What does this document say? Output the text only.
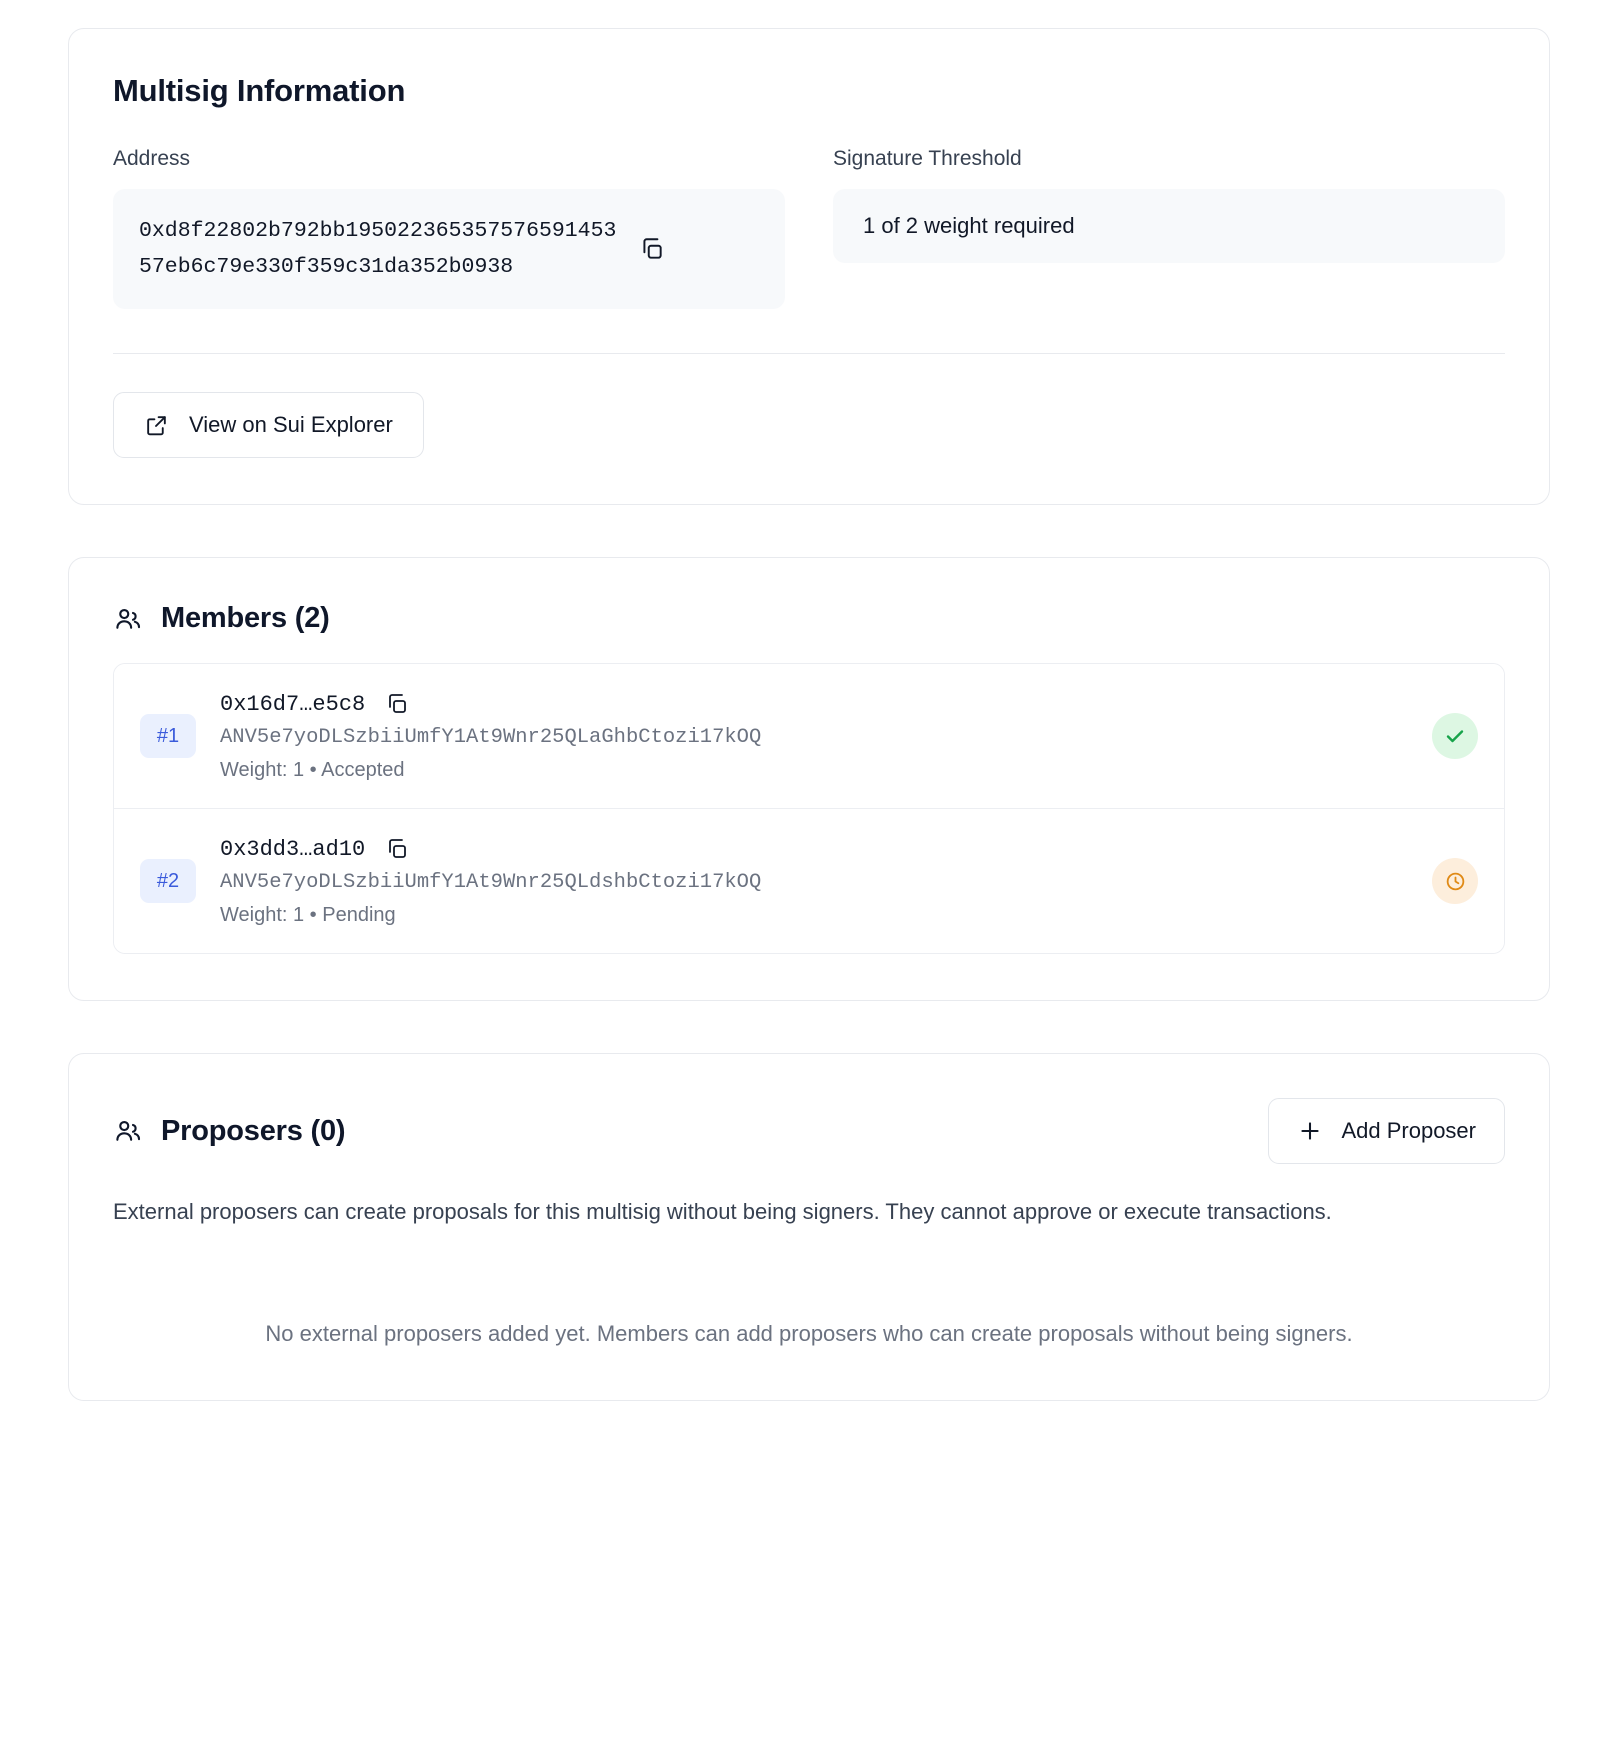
Multisig Information
Address
0xd8f22802b792bb19502236535757659145357eb6c79e330f359c31da352b0938
Signature Threshold
1 of 2 weight required
View on Sui Explorer
Members (2)
#1
0x16d7…e5c8
ANV5e7yoDLSzbiiUmfY1At9Wnr25QLaGhbCtozi17kOQ
Weight: 1 • Accepted
#2
0x3dd3…ad10
ANV5e7yoDLSzbiiUmfY1At9Wnr25QLdshbCtozi17kOQ
Weight: 1 • Pending
Proposers (0)	Add Proposer

External proposers can create proposals for this multisig without being signers. They cannot approve or execute transactions.

No external proposers added yet. Members can add proposers who can create proposals without being signers.
